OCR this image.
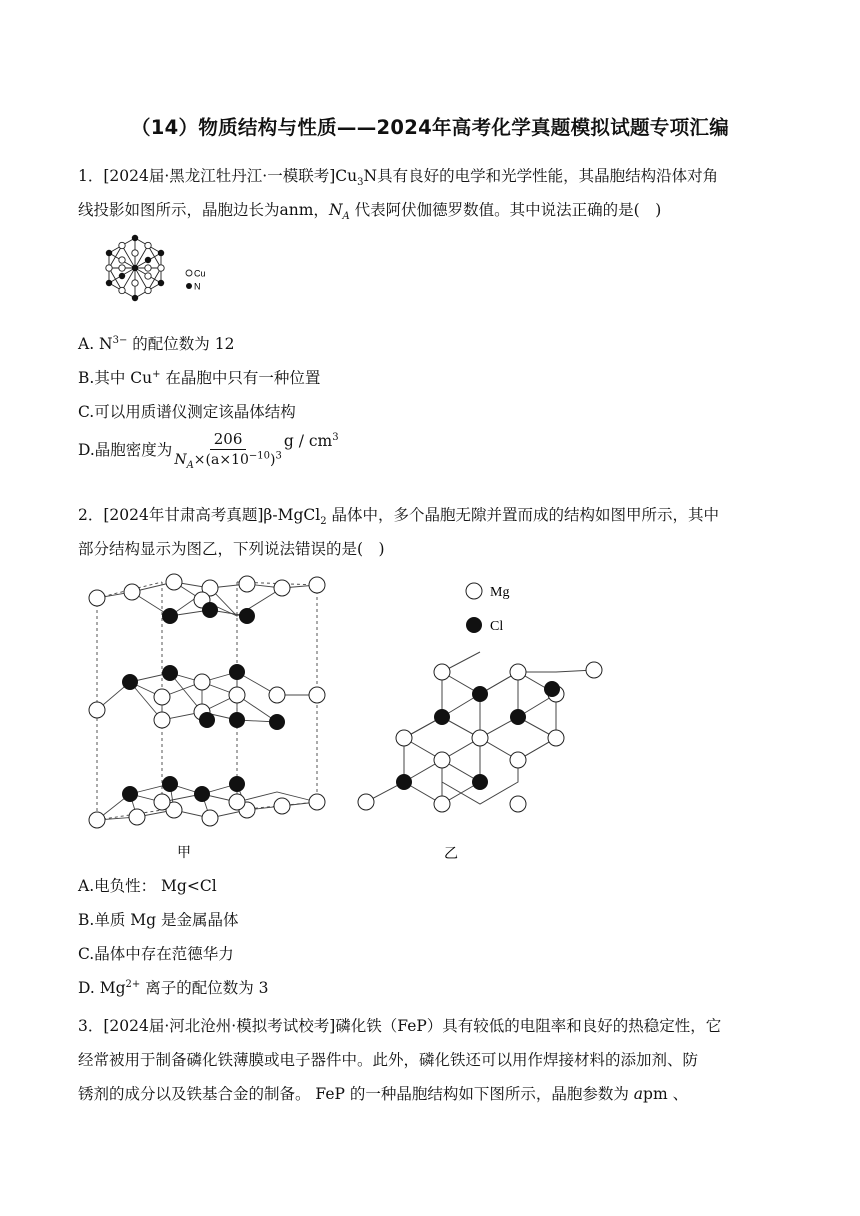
（14）物质结构与性质——2024年高考化学真题模拟试题专项汇编
1．[2024届·黑龙江牡丹江·一模联考]$Cu_3N$具有良好的电学和光学性能，其晶胞结构沿体对角
线投影如图所示，晶胞边长为anm，$N_A$ 代表阿伏伽德罗数值。其中说法正确的是(　)
Cu
N
A. $N^{3-}$ 的配位数为 12
B.其中 Cu+ 在晶胞中只有一种位置
C.可以用质谱仪测定该晶体结构
D.晶胞密度为 $\frac{206}{N_A\times(a\times 10^{-10})^3}$ g / $cm^3$
2．[2024年甘肃高考真题]β-MgCl$_2$ 晶体中，多个晶胞无隙并置而成的结构如图甲所示，其中
部分结构显示为图乙，下列说法错误的是(　)
甲
Mg
Cl
乙
A.电负性： Mg<Cl
B.单质 Mg 是金属晶体
C.晶体中存在范德华力
D. $Mg^{2+}$ 离子的配位数为 3
3．[2024届·河北沧州·模拟考试校考]磷化铁（FeP）具有较低的电阻率和良好的热稳定性，它
经常被用于制备磷化铁薄膜或电子器件中。此外，磷化铁还可以用作焊接材料的添加剂、防
锈剂的成分以及铁基合金的制备。 FeP 的一种晶胞结构如下图所示，晶胞参数为 apm 、
